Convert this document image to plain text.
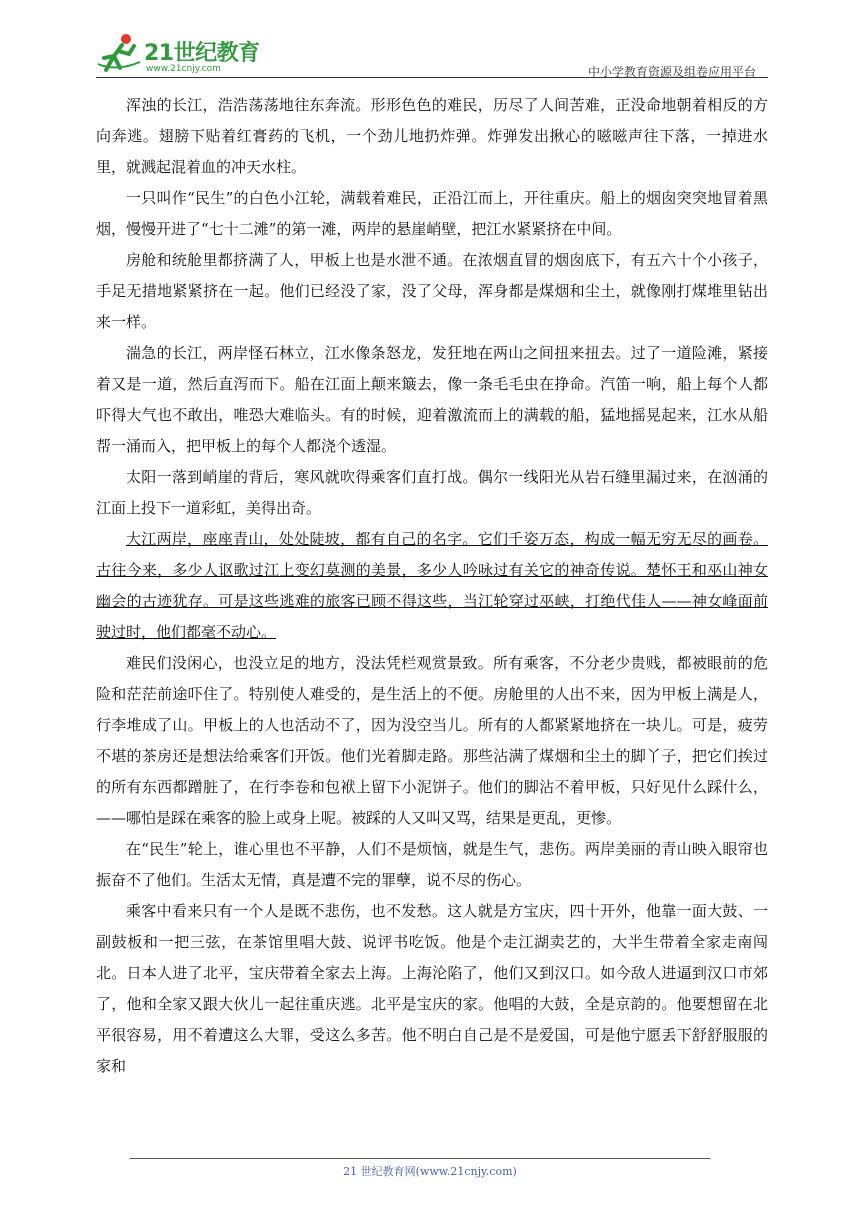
21世纪教育
www.21cnjy.com	中小学教育资源及组卷应用平台

浑浊的长江，浩浩荡荡地往东奔流。形形色色的难民，历尽了人间苦难，正没命地朝着相反的方向奔逃。翅膀下贴着红膏药的飞机，一个劲儿地扔炸弹。炸弹发出揪心的嗞嗞声往下落，一掉进水里，就溅起混着血的冲天水柱。

一只叫作“民生”的白色小江轮，满载着难民，正沿江而上，开往重庆。船上的烟囱突突地冒着黑烟，慢慢开进了“七十二滩”的第一滩，两岸的悬崖峭壁，把江水紧紧挤在中间。

房舱和统舱里都挤满了人，甲板上也是水泄不通。在浓烟直冒的烟囱底下，有五六十个小孩子，手足无措地紧紧挤在一起。他们已经没了家，没了父母，浑身都是煤烟和尘土，就像刚打煤堆里钻出来一样。

湍急的长江，两岸怪石林立，江水像条怒龙，发狂地在两山之间扭来扭去。过了一道险滩，紧接着又是一道，然后直泻而下。船在江面上颠来簸去，像一条毛毛虫在挣命。汽笛一响，船上每个人都吓得大气也不敢出，唯恐大难临头。有的时候，迎着激流而上的满载的船，猛地摇晃起来，江水从船帮一涌而入，把甲板上的每个人都浇个透湿。

太阳一落到峭崖的背后，寒风就吹得乘客们直打战。偶尔一线阳光从岩石缝里漏过来，在汹涌的江面上投下一道彩虹，美得出奇。

大江两岸，座座青山，处处陡坡，都有自己的名字。它们千姿万态，构成一幅无穷无尽的画卷。古往今来，多少人讴歌过江上变幻莫测的美景，多少人吟咏过有关它的神奇传说。楚怀王和巫山神女幽会的古迹犹存。可是这些逃难的旅客已顾不得这些，当江轮穿过巫峡，打绝代佳人——神女峰面前驶过时，他们都毫不动心。

难民们没闲心，也没立足的地方，没法凭栏观赏景致。所有乘客，不分老少贵贱，都被眼前的危险和茫茫前途吓住了。特别使人难受的，是生活上的不便。房舱里的人出不来，因为甲板上满是人，行李堆成了山。甲板上的人也活动不了，因为没空当儿。所有的人都紧紧地挤在一块儿。可是，疲劳不堪的茶房还是想法给乘客们开饭。他们光着脚走路。那些沾满了煤烟和尘土的脚丫子，把它们挨过的所有东西都蹭脏了，在行李卷和包袱上留下小泥饼子。他们的脚沾不着甲板，只好见什么踩什么，——哪怕是踩在乘客的脸上或身上呢。被踩的人又叫又骂，结果是更乱，更惨。

在“民生”轮上，谁心里也不平静，人们不是烦恼，就是生气，悲伤。两岸美丽的青山映入眼帘也振奋不了他们。生活太无情，真是遭不完的罪孽，说不尽的伤心。

乘客中看来只有一个人是既不悲伤，也不发愁。这人就是方宝庆，四十开外，他靠一面大鼓、一副鼓板和一把三弦，在茶馆里唱大鼓、说评书吃饭。他是个走江湖卖艺的，大半生带着全家走南闯北。日本人进了北平，宝庆带着全家去上海。上海沦陷了，他们又到汉口。如今敌人进逼到汉口市郊了，他和全家又跟大伙儿一起往重庆逃。北平是宝庆的家。他唱的大鼓，全是京韵的。他要想留在北平很容易，用不着遭这么大罪，受这么多苦。他不明白自己是不是爱国，可是他宁愿丢下舒舒服服的家和

21 世纪教育网(www.21cnjy.com)
